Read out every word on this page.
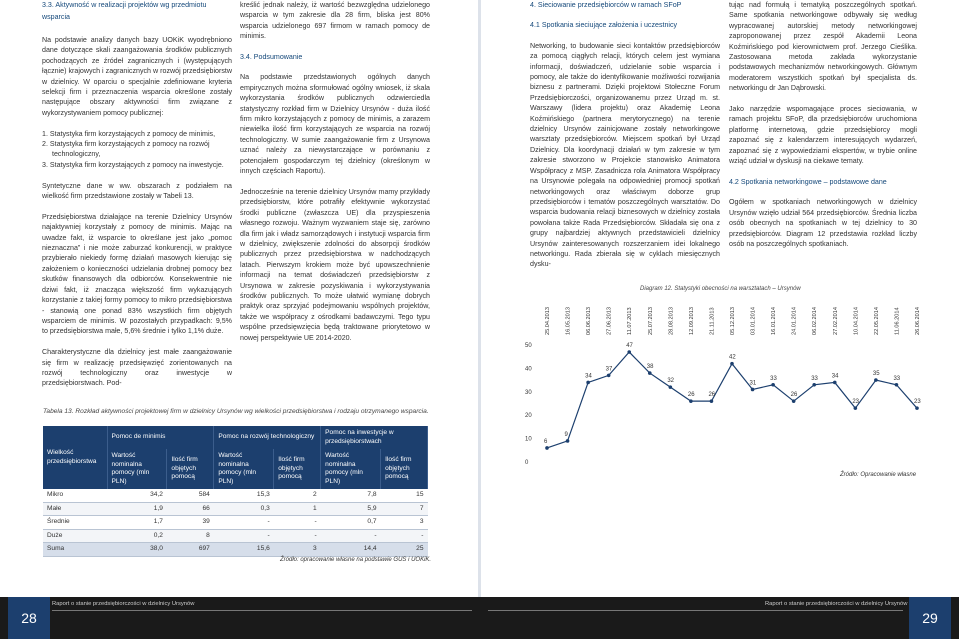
3.3. Aktywność w realizacji projektów wg przedmiotu wsparcia

Na podstawie analizy danych bazy UOKiK wyodrębniono dane dotyczące skali zaangażowania środków publicznych pochodzących ze źródeł zagranicznych i (występujących łącznie) krajowych i zagranicznych w rozwój przedsiębiorstw w dzielnicy. W oparciu o specjalnie zdefiniowane kryteria selekcji firm i przeznaczenia wsparcia określone zostały następujące obszary aktywności firm związane z wykorzystywaniem pomocy publicznej:

1. Statystyka firm korzystających z pomocy de minimis,
2. Statystyka firm korzystających z pomocy na rozwój technologiczny,
3. Statystyka firm korzystających z pomocy na inwestycje.

Syntetyczne dane w ww. obszarach z podziałem na wielkość firm przedstawione zostały w Tabeli 13.

Przedsiębiorstwa działające na terenie Dzielnicy Ursynów najaktywniej korzystały z pomocy de minimis. Mając na uwadze fakt, iż wsparcie to określane jest jako „pomoc nieznaczna” i nie może zaburzać konkurencji, w praktyce przybierało niekiedy formę działań masowych kierując się założeniem o konieczności udzielania drobnej pomocy bez skutków finansowych dla odbiorców. Konsekwentnie nie dziwi fakt, iż znacząca większość firm wykazujących korzystanie z takiej formy pomocy to mikro przedsiębiorstwa - stanowią one ponad 83% wszystkich firm objętych wsparciem de minimis. W pozostałych przypadkach: 9,5% to przedsiębiorstwa małe, 5,6% średnie i tylko 1,1% duże.

Charakterystyczne dla dzielnicy jest małe zaangażowanie się firm w realizację przedsięwzięć zorientowanych na rozwój technologiczny oraz inwestycje w przedsiębiorstwach. Pod-

kreślić jednak należy, iż wartość bezwzględna udzielonego wsparcia w tym zakresie dla 28 firm, bliska jest 80% wsparcia udzielonego 697 firmom w ramach pomocy de minimis.

3.4. Podsumowanie

Na podstawie przedstawionych ogólnych danych empirycznych można sformułować ogólny wniosek, iż skala wykorzystania środków publicznych odzwierciedla statystyczny rozkład firm w Dzielnicy Ursynów - duża ilość firm mikro korzystających z pomocy de minimis, a zarazem niewielka ilość firm korzystających ze wsparcia na rozwój technologiczny. W sumie zaangażowanie firm z Ursynowa uznać należy za niewystarczające w porównaniu z potencjałem gospodarczym tej dzielnicy (określonym w innych częściach Raportu).

Jednocześnie na terenie dzielnicy Ursynów mamy przykłady przedsiębiorstw, które potrafiły efektywnie wykorzystać środki publiczne (zwłaszcza UE) dla przyspieszenia własnego rozwoju. Ważnym wyzwaniem staje się, zarówno dla firm jak i władz samorządowych i instytucji wsparcia firm w dzielnicy, zwiększenie zdolności do absorpcji środków publicznych przez przedsiębiorstwa w nadchodzących latach. Pierwszym krokiem może być upowszechnienie informacji na temat doświadczeń przedsiębiorstw z Ursynowa w zakresie pozyskiwania i wykorzystywania środków publicznych. To może ułatwić wymianę dobrych praktyk oraz sprzyjać podejmowaniu wspólnych projektów, także we współpracy z ośrodkami badawczymi. Tego typu wspólne przedsięwzięcia będą traktowane priorytetowo w nowej perspektywie UE 2014-2020.

Tabela 13. Rozkład aktywności projektowej firm w dzielnicy Ursynów wg wielkości przedsiębiorstwa i rodzaju otrzymanego wsparcia.
Wielkość przedsiębiorstwa	Pomoc de minimis		Pomoc na rozwój technologiczny		Pomoc na inwestycje w przedsiębiorstwach	
	Wartość nominalna pomocy (mln PLN)	Ilość firm objętych pomocą	Wartość nominalna pomocy (mln PLN)	Ilość firm objętych pomocą	Wartość nominalna pomocy (mln PLN)	Ilość firm objętych pomocą
Mikro	34,2	584	15,3	2	7,8	15
Małe	1,9	66	0,3	1	5,9	7
Średnie	1,7	39	-	-	0,7	3
Duże	0,2	8	-	-	-	-
Suma	38,0	697	15,6	3	14,4	25
Źródło: opracowanie własne na podstawie GUS i UOKiK.
4. Sieciowanie przedsiębiorców w ramach SFoP
4.1 Spotkania sieciujące założenia i uczestnicy

Networking, to budowanie sieci kontaktów przedsiębiorców za pomocą ciągłych relacji, których celem jest wymiana informacji, doświadczeń, udzielanie sobie wsparcia i pomocy, ale także do identyfikowanie możliwości rozwijania biznesu z partnerami. Dzięki projektowi Stołeczne Forum Przedsiębiorczości, organizowanemu przez Urząd m. st. Warszawy (lidera projektu) oraz Akademię Leona Koźmińskiego (partnera merytorycznego) na terenie dzielnicy Ursynów zainicjowane zostały networkingowe warsztaty przedsiębiorców. Miejscem spotkań był Urząd Dzielnicy. Dla koordynacji działań w tym zakresie w tym zakresie stworzono w Projekcie stanowisko Animatora Współpracy z MSP. Zasadnicza rola Animatora Współpracy na Ursynowie polegała na odpowiedniej promocji spotkań networkingowych oraz właściwym doborze grup przedsiębiorców i tematów poszczególnych warsztatów. Do wsparcia budowania relacji biznesowych w dzielnicy została powołana także Rada Przedsiębiorców. Składała się ona z grupy najbardziej aktywnych przedstawicieli dzielnicy Ursynów zainteresowanych rozszerzaniem idei lokalnego networkingu. Rada zbierała się w cyklach miesięcznych dysku-

tując nad formułą i tematyką poszczególnych spotkań. Same spotkania networkingowe odbywały się według wypracowanej autorskiej metody networkingowej zaproponowanej przez zespół Akademii Leona Koźmińskiego pod kierownictwem prof. Jerzego Cieślika. Zastosowana metoda zakłada wykorzystanie podstawowych mechanizmów networkingowych. Głównym moderatorem wszystkich spotkań był specjalista ds. networkingu dr Jan Dąbrowski.

Jako narzędzie wspomagające proces sieciowania, w ramach projektu SFoP, dla przedsiębiorców uruchomiona platformę internetową, gdzie przedsiębiorcy mogli zapoznać się z kalendarzem interesujących wydarzeń, zapoznać się z wypowiedziami ekspertów, w trybie online wziąć udział w dyskusji na ciekawe tematy.

4.2 Spotkania networkingowe – podstawowe dane

Ogółem w spotkaniach networkingowych w dzielnicy Ursynów wzięło udział 564 przedsiębiorców. Średnia liczba osób obecnych na spotkaniach w tej dzielnicy to 30 przedsiębiorców. Diagram 12 przedstawia rozkład liczby osób na poszczególnych spotkaniach.

Diagram 12. Statystyki obecności na warsztatach – Ursynów
25.04.2013	16.05.2013	06.06.2013	27.06.2013	11.07.2013	25.07.2013	28.08.2013	12.09.2013	21.11.2013	05.12.2013	03.01.2014	16.01.2014	24.01.2014	06.02.2014	27.02.2014	10.04.2014	22.05.2014	11.06.2014	26.06.2014
0
10
20
30
40
50
6
9
34
37
47
38
32
26 26
42
31
33
26
33 34
23
35
33
23
Źródło: Opracowanie własne
28
Raport o stanie przedsiębiorczości w dzielnicy Ursynów
29
Raport o stanie przedsiębiorczości w dzielnicy Ursynów
